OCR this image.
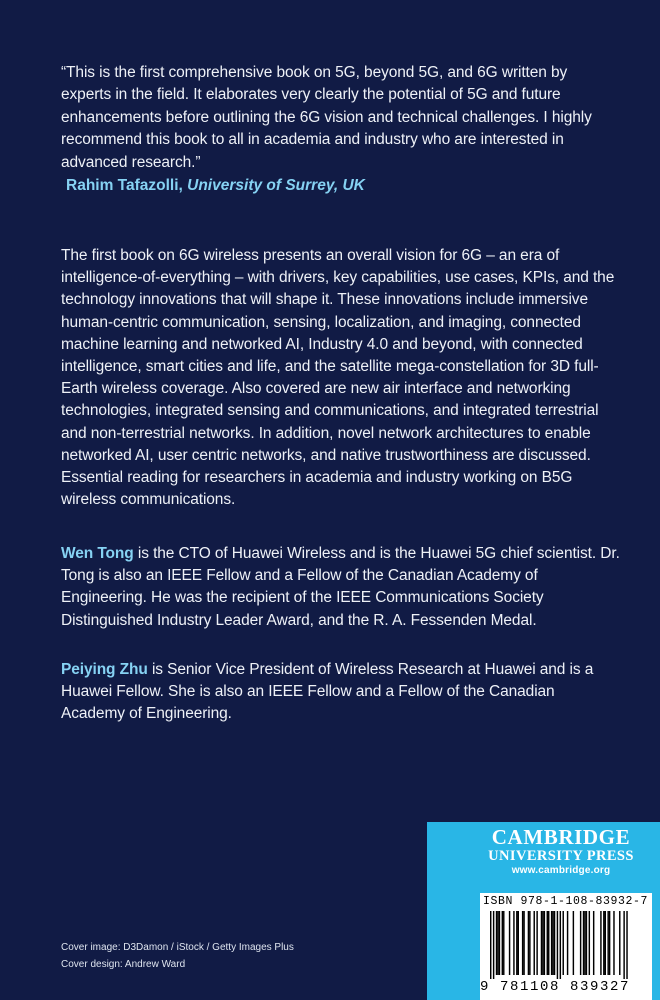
“This is the first comprehensive book on 5G, beyond 5G, and 6G written by experts in the field. It elaborates very clearly the potential of 5G and future enhancements before outlining the 6G vision and technical challenges. I highly recommend this book to all in academia and industry who are interested in advanced research.”

Rahim Tafazolli, University of Surrey, UK

The first book on 6G wireless presents an overall vision for 6G – an era of intelligence-of-everything – with drivers, key capabilities, use cases, KPIs, and the technology innovations that will shape it. These innovations include immersive human-centric communication, sensing, localization, and imaging, connected machine learning and networked AI, Industry 4.0 and beyond, with connected intelligence, smart cities and life, and the satellite mega-constellation for 3D full-Earth wireless coverage. Also covered are new air interface and networking technologies, integrated sensing and communications, and integrated terrestrial and non-terrestrial networks. In addition, novel network architectures to enable networked AI, user centric networks, and native trustworthiness are discussed. Essential reading for researchers in academia and industry working on B5G wireless communications.

Wen Tong is the CTO of Huawei Wireless and is the Huawei 5G chief scientist. Dr. Tong is also an IEEE Fellow and a Fellow of the Canadian Academy of Engineering. He was the recipient of the IEEE Communications Society Distinguished Industry Leader Award, and the R. A. Fessenden Medal.

Peiying Zhu is Senior Vice President of Wireless Research at Huawei and is a Huawei Fellow. She is also an IEEE Fellow and a Fellow of the Canadian Academy of Engineering.

Cover image: D3Damon / iStock / Getty Images Plus
Cover design: Andrew Ward
CAMBRIDGE
UNIVERSITY PRESS
www.cambridge.org
ISBN 978-1-108-83932-7
9 781108 839327
